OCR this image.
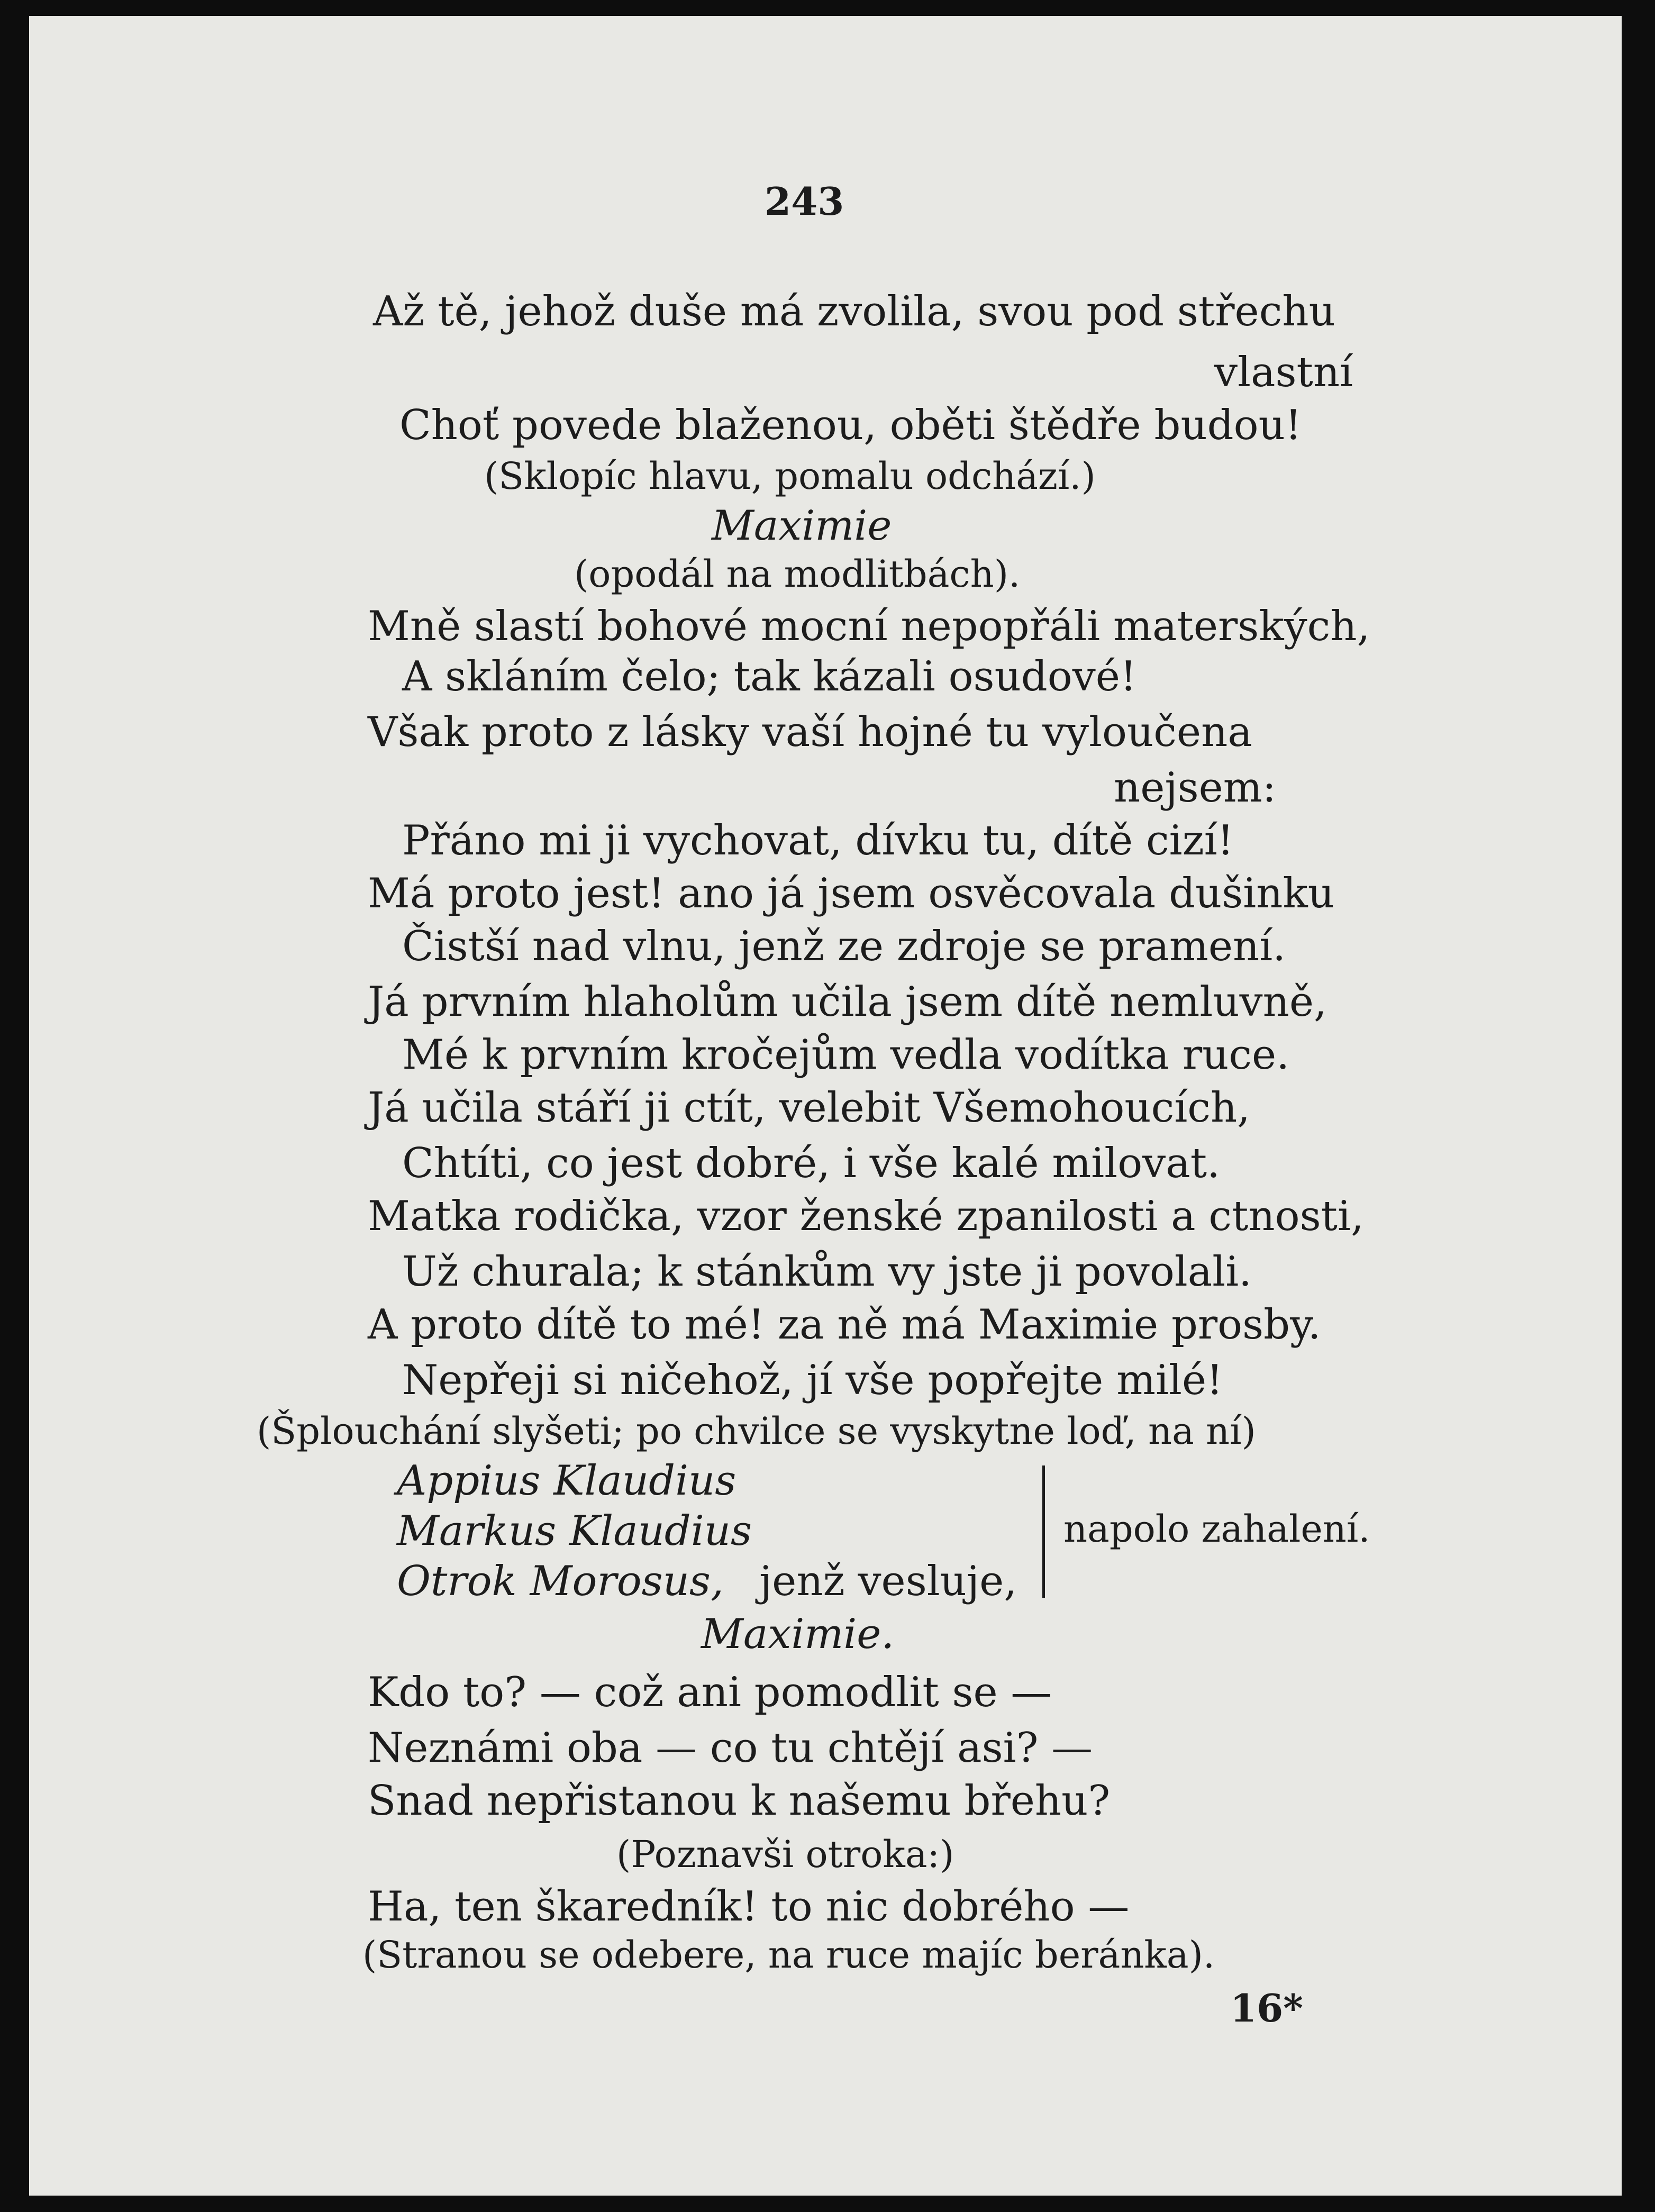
243
Až tě, jehož duše má zvolila, svou pod střechu
vlastní
Choť povede blaženou, oběti štědře budou!
(Sklopíc hlavu, pomalu odchází.)
Maximie
(opodál na modlitbách).
Mně slastí bohové mocní nepopřáli materských,
A skláním čelo; tak kázali osudové!
Však proto z lásky vaší hojné tu vyloučena
nejsem:
Přáno mi ji vychovat, dívku tu, dítě cizí!
Má proto jest! ano já jsem osvěcovala dušinku
Čistší nad vlnu, jenž ze zdroje se pramení.
Já prvním hlaholům učila jsem dítě nemluvně,
Mé k prvním kročejům vedla vodítka ruce.
Já učila stáří ji ctít, velebit Všemohoucích,
Chtíti, co jest dobré, i vše kalé milovat.
Matka rodička, vzor ženské zpanilosti a ctnosti,
Už churala; k stánkům vy jste ji povolali.
A proto dítě to mé! za ně má Maximie prosby.
Nepřeji si ničehož, jí vše popřejte milé!
(Šplouchání slyšeti; po chvilce se vyskytne loď, na ní)
Appius Klaudius
Markus Klaudius
Otrok Morosus, jenž vesluje,
napolo zahalení.
Maximie.
Kdo to? — což ani pomodlit se —
Neznámi oba — co tu chtějí asi? —
Snad nepřistanou k našemu břehu?
(Poznavši otroka:)
Ha, ten škaredník! to nic dobrého —
(Stranou se odebere, na ruce majíc beránka).
16*
